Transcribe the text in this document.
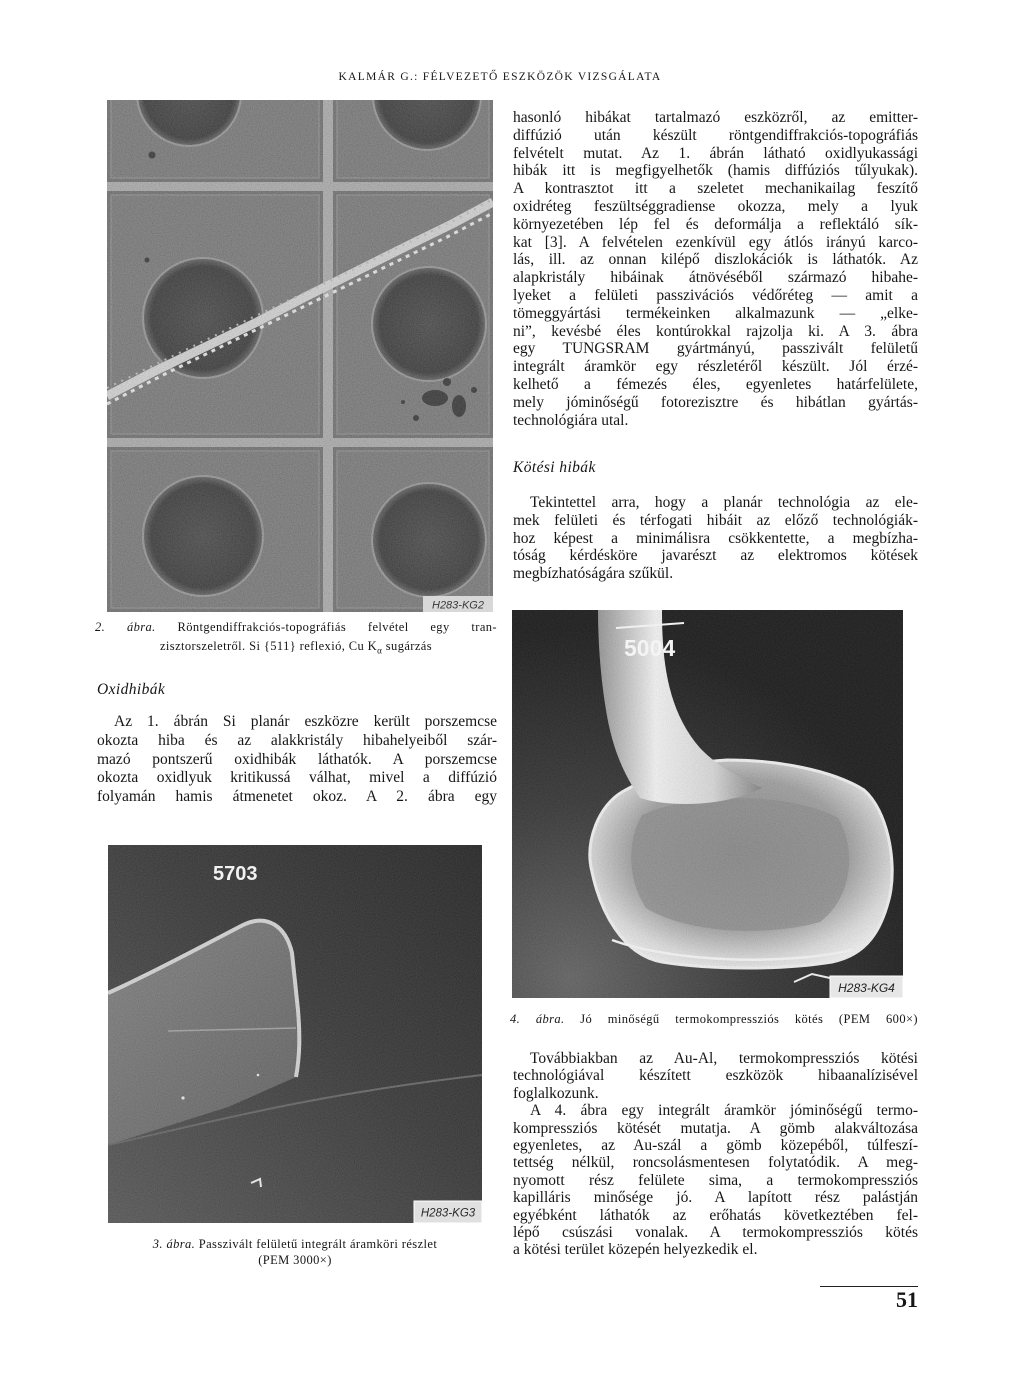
KALMÁR G.: FÉLVEZETŐ ESZKÖZÖK VIZSGÁLATA
H283-KG2
2. ábra. Röntgendiffrakciós-topográfiás felvétel egy tran-
zisztorszeletről. Si {511} reflexió, Cu $K_\alpha$ sugárzás
Oxidhibák
Az 1. ábrán Si planár eszközre került porszemcse
okozta hiba és az alakkristály hibahelyeiből szár-
mazó pontszerű oxidhibák láthatók. A porszemcse
okozta oxidlyuk kritikussá válhat, mivel a diffúzió
folyamán hamis átmenetet okoz. A 2. ábra egy
5703
H283-KG3
3. ábra. Passzivált felületű integrált áramköri részlet
(PEM 3000×)
hasonló hibákat tartalmazó eszközről, az emitter-
diffúzió után készült röntgendiffrakciós-topográfiás
felvételt mutat. Az 1. ábrán látható oxidlyukassági
hibák itt is megfigyelhetők (hamis diffúziós tűlyukak).
A kontrasztot itt a szeletet mechanikailag feszítő
oxidréteg feszültséggradiense okozza, mely a lyuk
környezetében lép fel és deformálja a reflektáló sík-
kat [3]. A felvételen ezenkívül egy átlós irányú karco-
lás, ill. az onnan kilépő diszlokációk is láthatók. Az
alapkristály hibáinak átnövéséből származó hibahe-
lyeket a felületi passzivációs védőréteg — amit a
tömeggyártási termékeinken alkalmazunk — „elke-
ni”, kevésbé éles kontúrokkal rajzolja ki. A 3. ábra
egy TUNGSRAM gyártmányú, passzivált felületű
integrált áramkör egy részletéről készült. Jól érzé-
kelhető a fémezés éles, egyenletes határfelülete,
mely jóminőségű fotorezisztre és hibátlan gyártás-
technológiára utal.
Kötési hibák
Tekintettel arra, hogy a planár technológia az ele-
mek felületi és térfogati hibáit az előző technológiák-
hoz képest a minimálisra csökkentette, a megbízha-
tóság kérdésköre javarészt az elektromos kötések
megbízhatóságára szűkül.
5004
H283-KG4
4. ábra. Jó minőségű termokompressziós kötés (PEM 600×)
Továbbiakban az Au-Al, termokompressziós kötési
technológiával készített eszközök hibaanalízisével
foglalkozunk.
A 4. ábra egy integrált áramkör jóminőségű termo-
kompressziós kötését mutatja. A gömb alakváltozása
egyenletes, az Au-szál a gömb közepéből, túlfeszí-
tettség nélkül, roncsolásmentesen folytatódik. A meg-
nyomott rész felülete sima, a termokompressziós
kapilláris minősége jó. A lapított rész palástján
egyébként láthatók az erőhatás következtében fel-
lépő csúszási vonalak. A termokompressziós kötés
a kötési terület közepén helyezkedik el.
51
